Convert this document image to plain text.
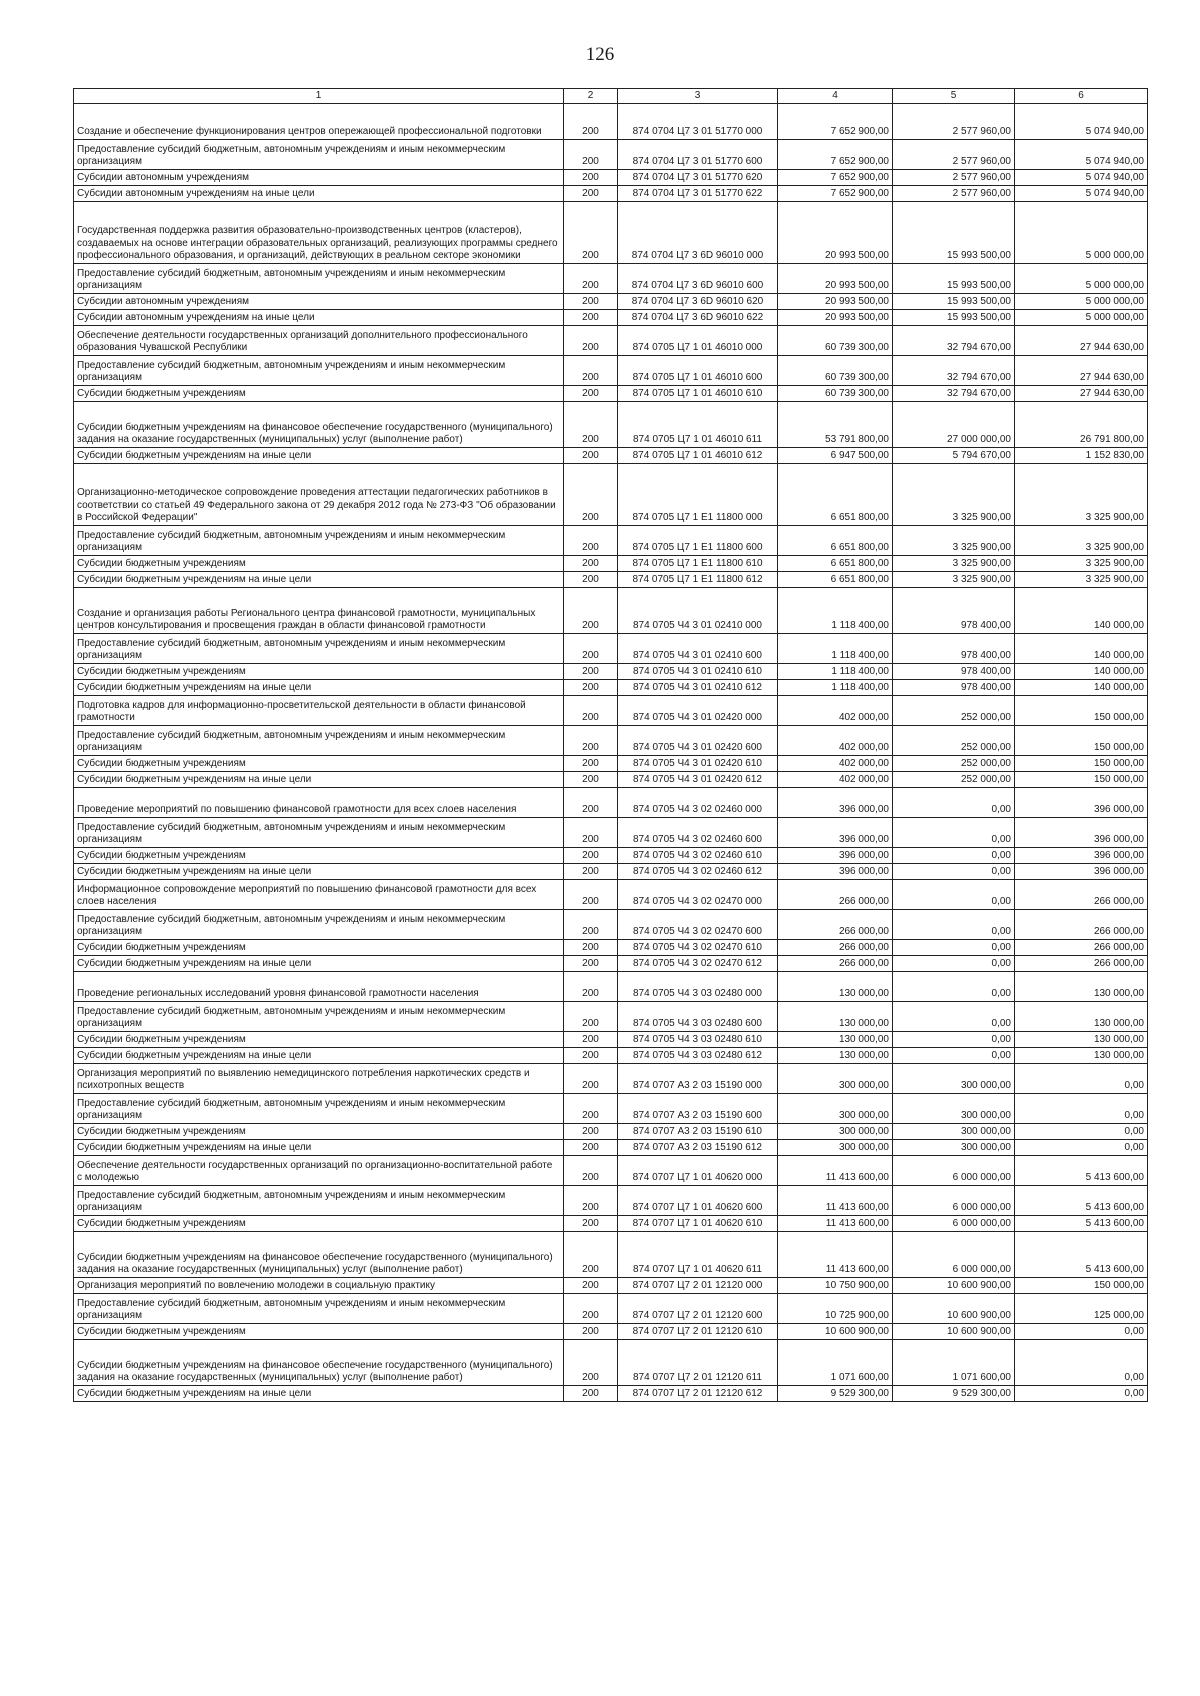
126
1	2	3	4	5	6
Создание и обеспечение функционирования центров опережающей профессиональной подготовки	200	874 0704 Ц7 3 01 51770 000	7 652 900,00	2 577 960,00	5 074 940,00
Предоставление субсидий бюджетным, автономным учреждениям и иным некоммерческим организациям	200	874 0704 Ц7 3 01 51770 600	7 652 900,00	2 577 960,00	5 074 940,00
Субсидии автономным учреждениям	200	874 0704 Ц7 3 01 51770 620	7 652 900,00	2 577 960,00	5 074 940,00
Субсидии автономным учреждениям на иные цели	200	874 0704 Ц7 3 01 51770 622	7 652 900,00	2 577 960,00	5 074 940,00
Государственная поддержка развития образовательно-производственных центров (кластеров), создаваемых на основе интеграции образовательных организаций, реализующих программы среднего профессионального образования, и организаций, действующих в реальном секторе экономики	200	874 0704 Ц7 3 6D 96010 000	20 993 500,00	15 993 500,00	5 000 000,00
Предоставление субсидий бюджетным, автономным учреждениям и иным некоммерческим организациям	200	874 0704 Ц7 3 6D 96010 600	20 993 500,00	15 993 500,00	5 000 000,00
Субсидии автономным учреждениям	200	874 0704 Ц7 3 6D 96010 620	20 993 500,00	15 993 500,00	5 000 000,00
Субсидии автономным учреждениям на иные цели	200	874 0704 Ц7 3 6D 96010 622	20 993 500,00	15 993 500,00	5 000 000,00
Обеспечение деятельности государственных организаций дополнительного профессионального образования Чувашской Республики	200	874 0705 Ц7 1 01 46010 000	60 739 300,00	32 794 670,00	27 944 630,00
Предоставление субсидий бюджетным, автономным учреждениям и иным некоммерческим организациям	200	874 0705 Ц7 1 01 46010 600	60 739 300,00	32 794 670,00	27 944 630,00
Субсидии бюджетным учреждениям	200	874 0705 Ц7 1 01 46010 610	60 739 300,00	32 794 670,00	27 944 630,00
Субсидии бюджетным учреждениям на финансовое обеспечение государственного (муниципального) задания на оказание государственных (муниципальных) услуг (выполнение работ)	200	874 0705 Ц7 1 01 46010 611	53 791 800,00	27 000 000,00	26 791 800,00
Субсидии бюджетным учреждениям на иные цели	200	874 0705 Ц7 1 01 46010 612	6 947 500,00	5 794 670,00	1 152 830,00
Организационно-методическое сопровождение проведения аттестации педагогических работников в соответствии со статьей 49 Федерального закона от 29 декабря 2012 года № 273-ФЗ "Об образовании в Российской Федерации"	200	874 0705 Ц7 1 E1 11800 000	6 651 800,00	3 325 900,00	3 325 900,00
Предоставление субсидий бюджетным, автономным учреждениям и иным некоммерческим организациям	200	874 0705 Ц7 1 E1 11800 600	6 651 800,00	3 325 900,00	3 325 900,00
Субсидии бюджетным учреждениям	200	874 0705 Ц7 1 E1 11800 610	6 651 800,00	3 325 900,00	3 325 900,00
Субсидии бюджетным учреждениям на иные цели	200	874 0705 Ц7 1 E1 11800 612	6 651 800,00	3 325 900,00	3 325 900,00
Создание и организация работы Регионального центра финансовой грамотности, муниципальных центров консультирования и просвещения граждан в области финансовой грамотности	200	874 0705 Ч4 3 01 02410 000	1 118 400,00	978 400,00	140 000,00
Предоставление субсидий бюджетным, автономным учреждениям и иным некоммерческим организациям	200	874 0705 Ч4 3 01 02410 600	1 118 400,00	978 400,00	140 000,00
Субсидии бюджетным учреждениям	200	874 0705 Ч4 3 01 02410 610	1 118 400,00	978 400,00	140 000,00
Субсидии бюджетным учреждениям на иные цели	200	874 0705 Ч4 3 01 02410 612	1 118 400,00	978 400,00	140 000,00
Подготовка кадров для информационно-просветительской деятельности в области финансовой грамотности	200	874 0705 Ч4 3 01 02420 000	402 000,00	252 000,00	150 000,00
Предоставление субсидий бюджетным, автономным учреждениям и иным некоммерческим организациям	200	874 0705 Ч4 3 01 02420 600	402 000,00	252 000,00	150 000,00
Субсидии бюджетным учреждениям	200	874 0705 Ч4 3 01 02420 610	402 000,00	252 000,00	150 000,00
Субсидии бюджетным учреждениям на иные цели	200	874 0705 Ч4 3 01 02420 612	402 000,00	252 000,00	150 000,00
Проведение мероприятий по повышению финансовой грамотности для всех слоев населения	200	874 0705 Ч4 3 02 02460 000	396 000,00	0,00	396 000,00
Предоставление субсидий бюджетным, автономным учреждениям и иным некоммерческим организациям	200	874 0705 Ч4 3 02 02460 600	396 000,00	0,00	396 000,00
Субсидии бюджетным учреждениям	200	874 0705 Ч4 3 02 02460 610	396 000,00	0,00	396 000,00
Субсидии бюджетным учреждениям на иные цели	200	874 0705 Ч4 3 02 02460 612	396 000,00	0,00	396 000,00
Информационное сопровождение мероприятий по повышению финансовой грамотности для всех слоев населения	200	874 0705 Ч4 3 02 02470 000	266 000,00	0,00	266 000,00
Предоставление субсидий бюджетным, автономным учреждениям и иным некоммерческим организациям	200	874 0705 Ч4 3 02 02470 600	266 000,00	0,00	266 000,00
Субсидии бюджетным учреждениям	200	874 0705 Ч4 3 02 02470 610	266 000,00	0,00	266 000,00
Субсидии бюджетным учреждениям на иные цели	200	874 0705 Ч4 3 02 02470 612	266 000,00	0,00	266 000,00
Проведение региональных исследований уровня финансовой грамотности населения	200	874 0705 Ч4 3 03 02480 000	130 000,00	0,00	130 000,00
Предоставление субсидий бюджетным, автономным учреждениям и иным некоммерческим организациям	200	874 0705 Ч4 3 03 02480 600	130 000,00	0,00	130 000,00
Субсидии бюджетным учреждениям	200	874 0705 Ч4 3 03 02480 610	130 000,00	0,00	130 000,00
Субсидии бюджетным учреждениям на иные цели	200	874 0705 Ч4 3 03 02480 612	130 000,00	0,00	130 000,00
Организация мероприятий по выявлению немедицинского потребления наркотических средств и психотропных веществ	200	874 0707 А3 2 03 15190 000	300 000,00	300 000,00	0,00
Предоставление субсидий бюджетным, автономным учреждениям и иным некоммерческим организациям	200	874 0707 А3 2 03 15190 600	300 000,00	300 000,00	0,00
Субсидии бюджетным учреждениям	200	874 0707 А3 2 03 15190 610	300 000,00	300 000,00	0,00
Субсидии бюджетным учреждениям на иные цели	200	874 0707 А3 2 03 15190 612	300 000,00	300 000,00	0,00
Обеспечение деятельности государственных организаций по организационно-воспитательной работе с молодежью	200	874 0707 Ц7 1 01 40620 000	11 413 600,00	6 000 000,00	5 413 600,00
Предоставление субсидий бюджетным, автономным учреждениям и иным некоммерческим организациям	200	874 0707 Ц7 1 01 40620 600	11 413 600,00	6 000 000,00	5 413 600,00
Субсидии бюджетным учреждениям	200	874 0707 Ц7 1 01 40620 610	11 413 600,00	6 000 000,00	5 413 600,00
Субсидии бюджетным учреждениям на финансовое обеспечение государственного (муниципального) задания на оказание государственных (муниципальных) услуг (выполнение работ)	200	874 0707 Ц7 1 01 40620 611	11 413 600,00	6 000 000,00	5 413 600,00
Организация мероприятий по вовлечению молодежи в социальную практику	200	874 0707 Ц7 2 01 12120 000	10 750 900,00	10 600 900,00	150 000,00
Предоставление субсидий бюджетным, автономным учреждениям и иным некоммерческим организациям	200	874 0707 Ц7 2 01 12120 600	10 725 900,00	10 600 900,00	125 000,00
Субсидии бюджетным учреждениям	200	874 0707 Ц7 2 01 12120 610	10 600 900,00	10 600 900,00	0,00
Субсидии бюджетным учреждениям на финансовое обеспечение государственного (муниципального) задания на оказание государственных (муниципальных) услуг (выполнение работ)	200	874 0707 Ц7 2 01 12120 611	1 071 600,00	1 071 600,00	0,00
Субсидии бюджетным учреждениям на иные цели	200	874 0707 Ц7 2 01 12120 612	9 529 300,00	9 529 300,00	0,00
